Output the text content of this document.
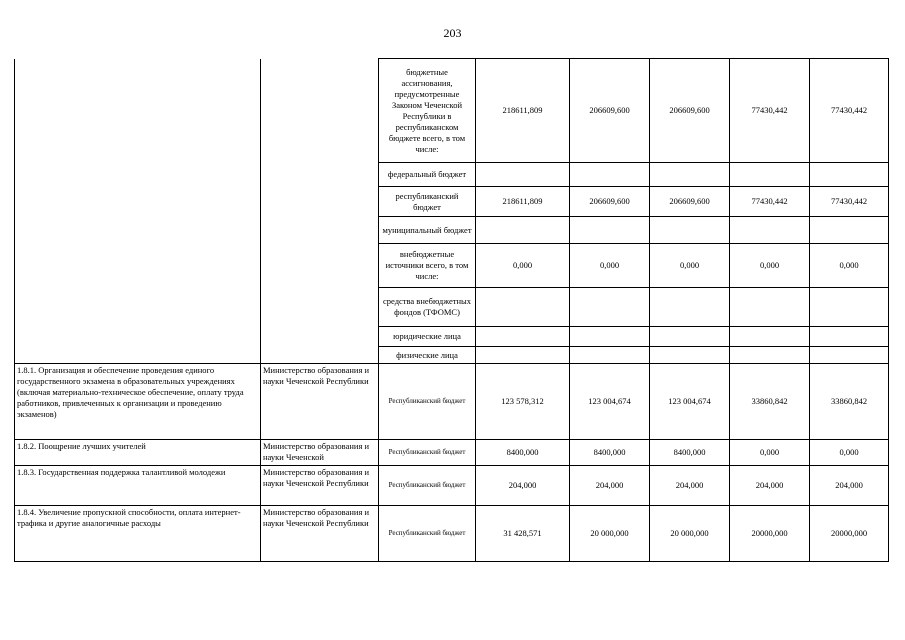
203
		бюджетные ассигнования, предусмотренные Законом Чеченской Республики в республиканском бюджете всего, в том числе:	218611,809	206609,600	206609,600	77430,442	77430,442
		федеральный бюджет					
		республиканский бюджет	218611,809	206609,600	206609,600	77430,442	77430,442
		муниципальный бюджет					
		внебюджетные источники всего, в том числе:	0,000	0,000	0,000	0,000	0,000
		средства внебюджетных фондов (ТФОМС)					
		юридические лица					
		физические лица					
1.8.1. Организация и обеспечение проведения единого государственного экзамена в образовательных учреждениях (включая материально-техническое обеспечение, оплату труда работников, привлеченных к организации и проведению экзаменов)	Министерство образования и науки Чеченской Республики	Республиканский бюджет	123 578,312	123 004,674	123 004,674	33860,842	33860,842
1.8.2. Поощрение лучших учителей	Министерство образования и науки Чеченской	Республиканский бюджет	8400,000	8400,000	8400,000	0,000	0,000
1.8.3. Государственная поддержка талантливой молодежи	Министерство образования и науки Чеченской Республики	Республиканский бюджет	204,000	204,000	204,000	204,000	204,000
1.8.4. Увеличение пропускной способности, оплата интернет-трафика и другие аналогичные расходы	Министерство образования и науки Чеченской Республики	Республиканский бюджет	31 428,571	20 000,000	20 000,000	20000,000	20000,000
